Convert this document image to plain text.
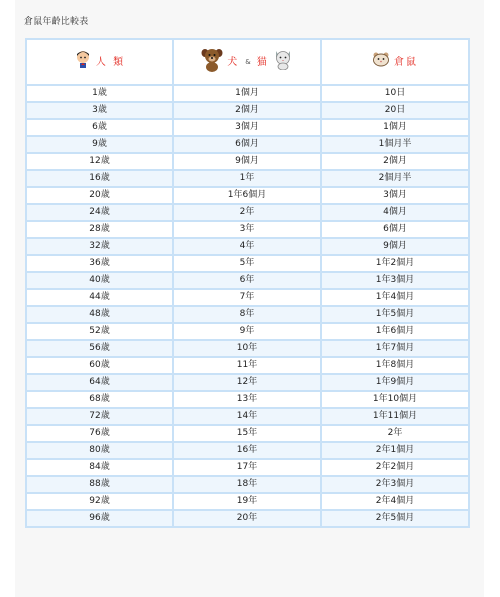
倉鼠年齡比較表
人 類	犬 & 猫	倉鼠

1歳	1個月	10日
3歳	2個月	20日
6歳	3個月	1個月
9歳	6個月	1個月半
12歳	9個月	2個月
16歳	1年	2個月半
20歳	1年6個月	3個月
24歳	2年	4個月
28歳	3年	6個月
32歳	4年	9個月
36歳	5年	1年2個月
40歳	6年	1年3個月
44歳	7年	1年4個月
48歳	8年	1年5個月
52歳	9年	1年6個月
56歳	10年	1年7個月
60歳	11年	1年8個月
64歳	12年	1年9個月
68歳	13年	1年10個月
72歳	14年	1年11個月
76歳	15年	2年
80歳	16年	2年1個月
84歳	17年	2年2個月
88歳	18年	2年3個月
92歳	19年	2年4個月
96歳	20年	2年5個月
